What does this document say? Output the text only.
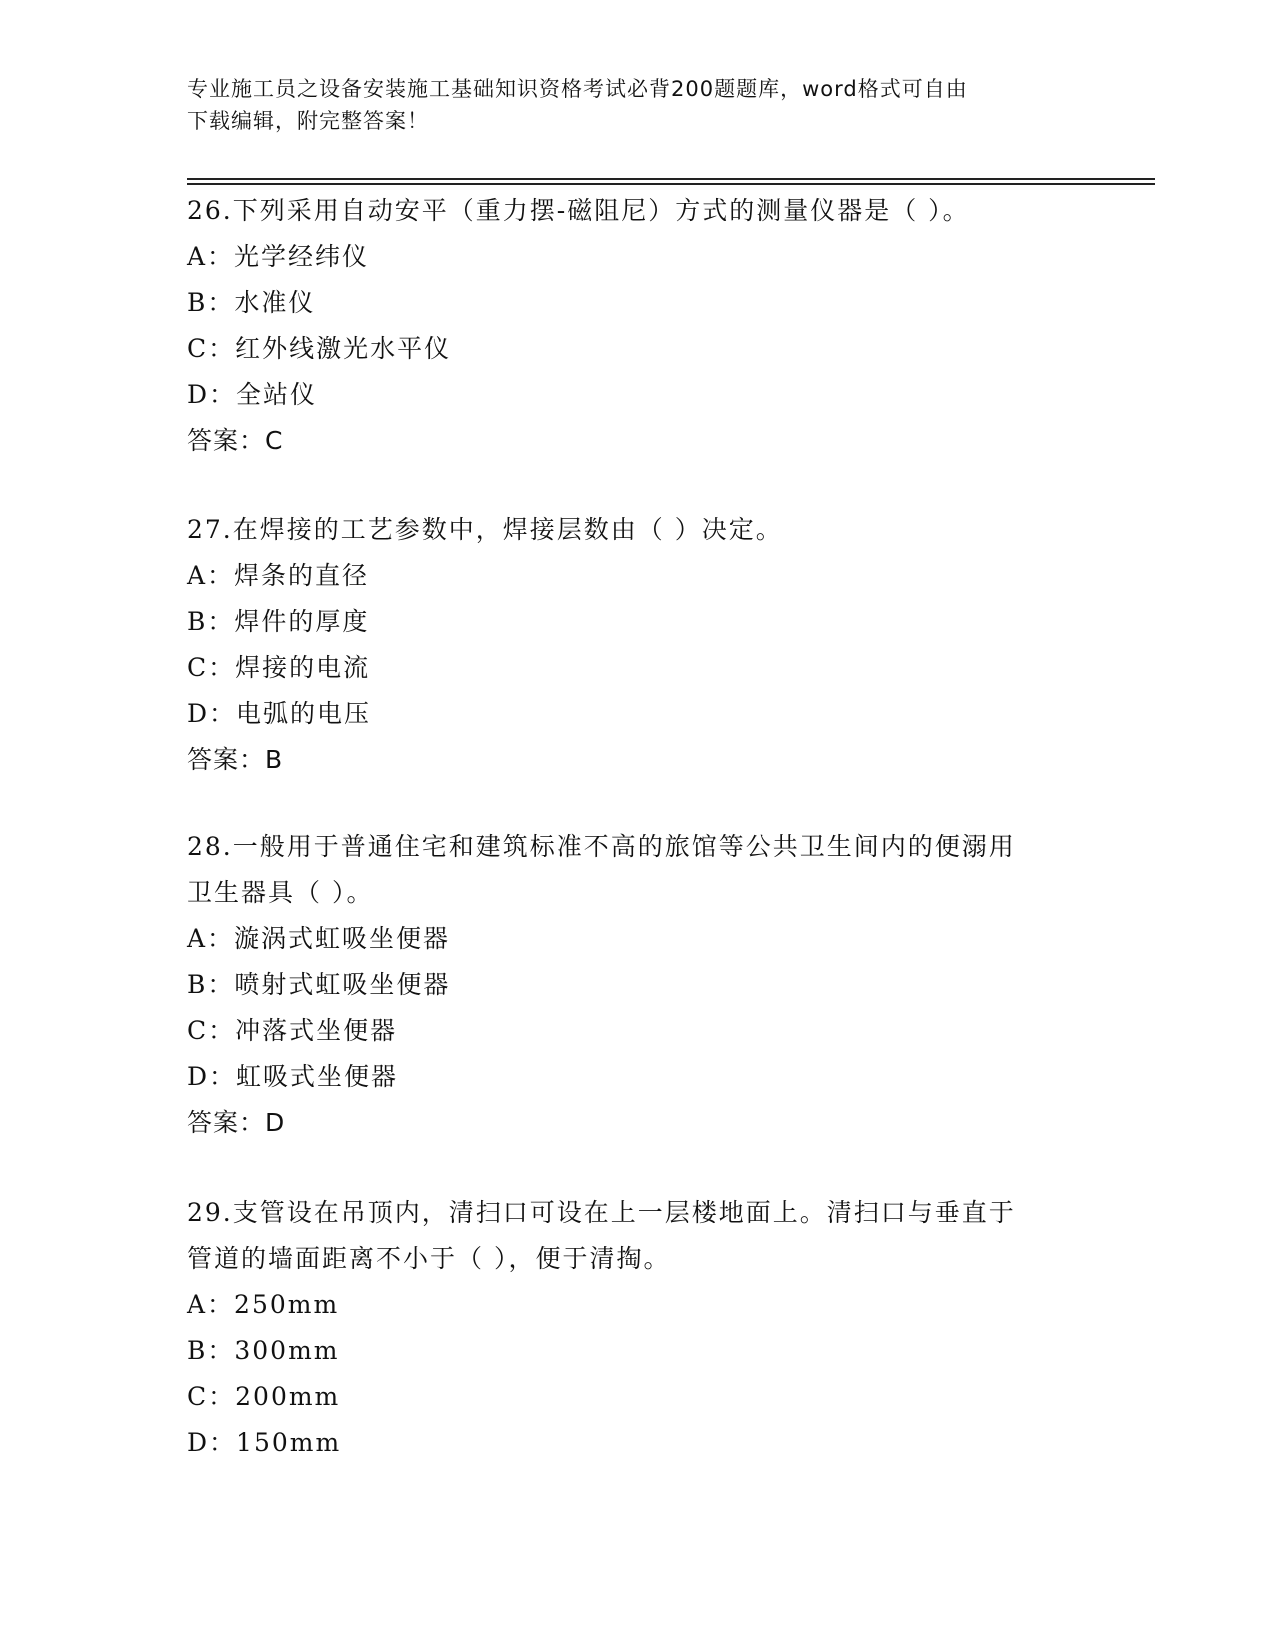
专业施工员之设备安装施工基础知识资格考试必背200题题库，word格式可自由
下载编辑，附完整答案！
26.下列采用自动安平（重力摆-磁阻尼）方式的测量仪器是（ ）。
A：光学经纬仪
B：水准仪
C：红外线激光水平仪
D：全站仪
答案：C
27.在焊接的工艺参数中，焊接层数由（ ）决定。
A：焊条的直径
B：焊件的厚度
C：焊接的电流
D：电弧的电压
答案：B
28.一般用于普通住宅和建筑标准不高的旅馆等公共卫生间内的便溺用
卫生器具（ ）。
A：漩涡式虹吸坐便器
B：喷射式虹吸坐便器
C：冲落式坐便器
D：虹吸式坐便器
答案：D
29.支管设在吊顶内，清扫口可设在上一层楼地面上。清扫口与垂直于
管道的墙面距离不小于（ ），便于清掏。
A：250mm
B：300mm
C：200mm
D：150mm
